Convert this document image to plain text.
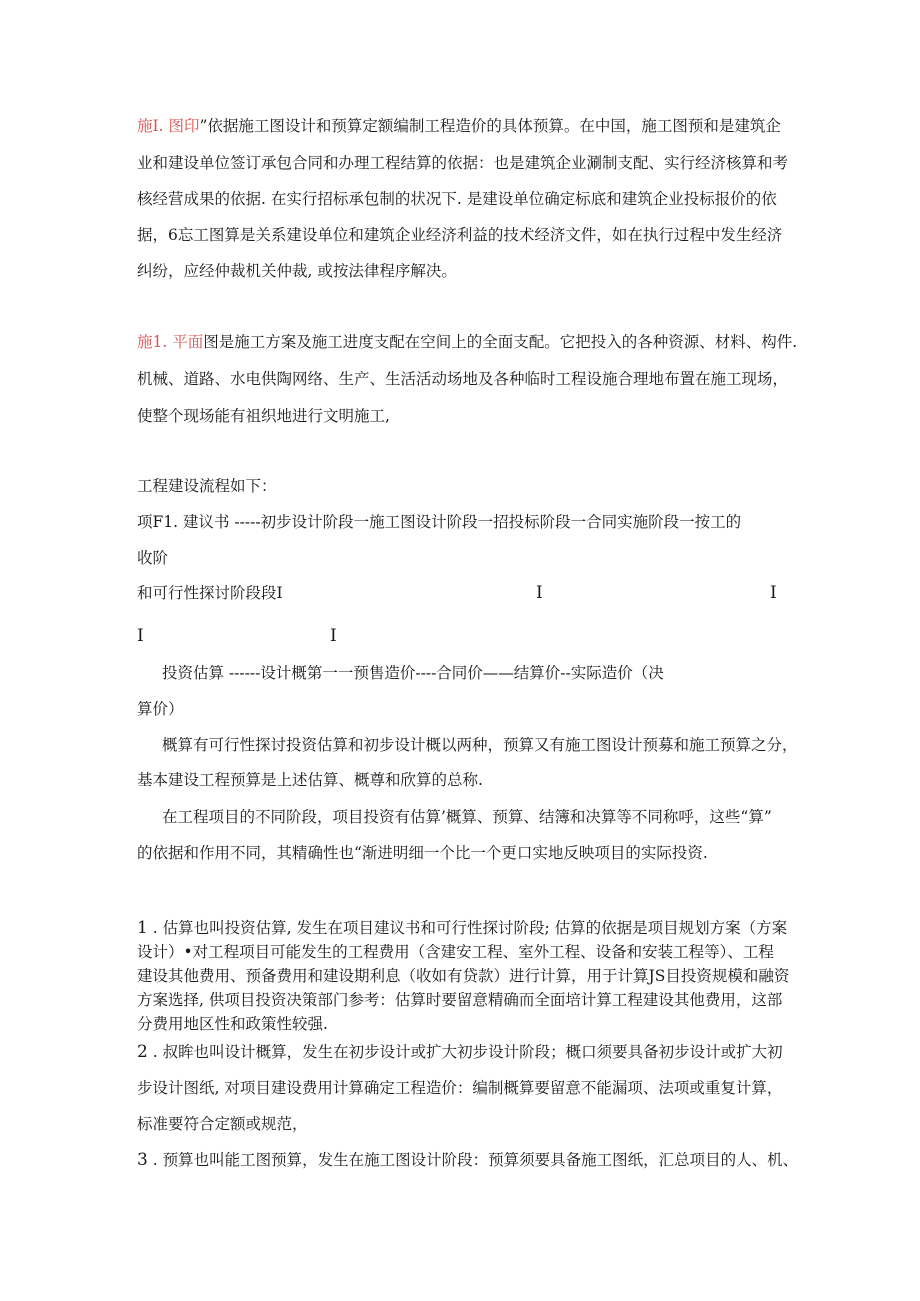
施I. 图印”依据施工图设计和预算定额编制工程造价的具体预算。在中国，施工图预和是建筑企
业和建设单位签订承包合同和办理工程结算的依据：也是建筑企业涮制支配、实行经济核算和考
核经营成果的依据. 在实行招标承包制的状况下. 是建设单位确定标底和建筑企业投标报价的依
据，6忘工图算是关系建设单位和建筑企业经济利益的技术经济文件，如在执行过程中发生经济
纠纷，应经仲裁机关仲裁, 或按法律程序解决。
施1. 平面图是施工方案及施工进度支配在空间上的全面支配。它把投入的各种资源、材料、构件.
机械、道路、水电供陶网络、生产、生活活动场地及各种临时工程设施合理地布置在施工现场，
使整个现场能有祖织地进行文明施工,
工程建设流程如下：
项F1. 建议书 -----初步设计阶段一施工图设计阶段一招投标阶段一合同实施阶段一按工的
收阶
和可行性探讨阶段段I	I	I
I	I
投资估算 ------设计概第一一预售造价----合同价——结算价--实际造价（决
算价）
概算有可行性探讨投资估算和初步设计概以两种，预算又有施工图设计预募和施工预算之分，
基本建设工程预算是上述估算、概尊和欣算的总称.
在工程项目的不同阶段，项目投资有估算’概算、预算、结簿和决算等不同称呼，这些“算”
的依据和作用不同，其精确性也“渐进明细一个比一个更口实地反映项目的实际投资.
1 . 估算也叫投资估算, 发生在项目建议书和可行性探讨阶段; 估算的依据是项目规划方案（方案
设计）•对工程项目可能发生的工程费用（含建安工程、室外工程、设备和安装工程等）、工程
建设其他费用、预备费用和建设期利息（收如有贷款）进行计算，用于计算JS目投资规模和融资
方案选择, 供项目投资决策部门参考：估算时要留意精确而全面培计算工程建设其他费用，这部
分费用地区性和政策性较强.
2 . 叔眸也叫设计概算，发生在初步设计或扩大初步设计阶段；概口须要具备初步设计或扩大初
步设计图纸, 对项目建设费用计算确定工程造价：编制概算要留意不能漏项、法项或重复计算，
标准要符合定额或规范，
3 . 预算也叫能工图预算，发生在施工图设计阶段：预算须要具备施工图纸，汇总项目的人、机、
